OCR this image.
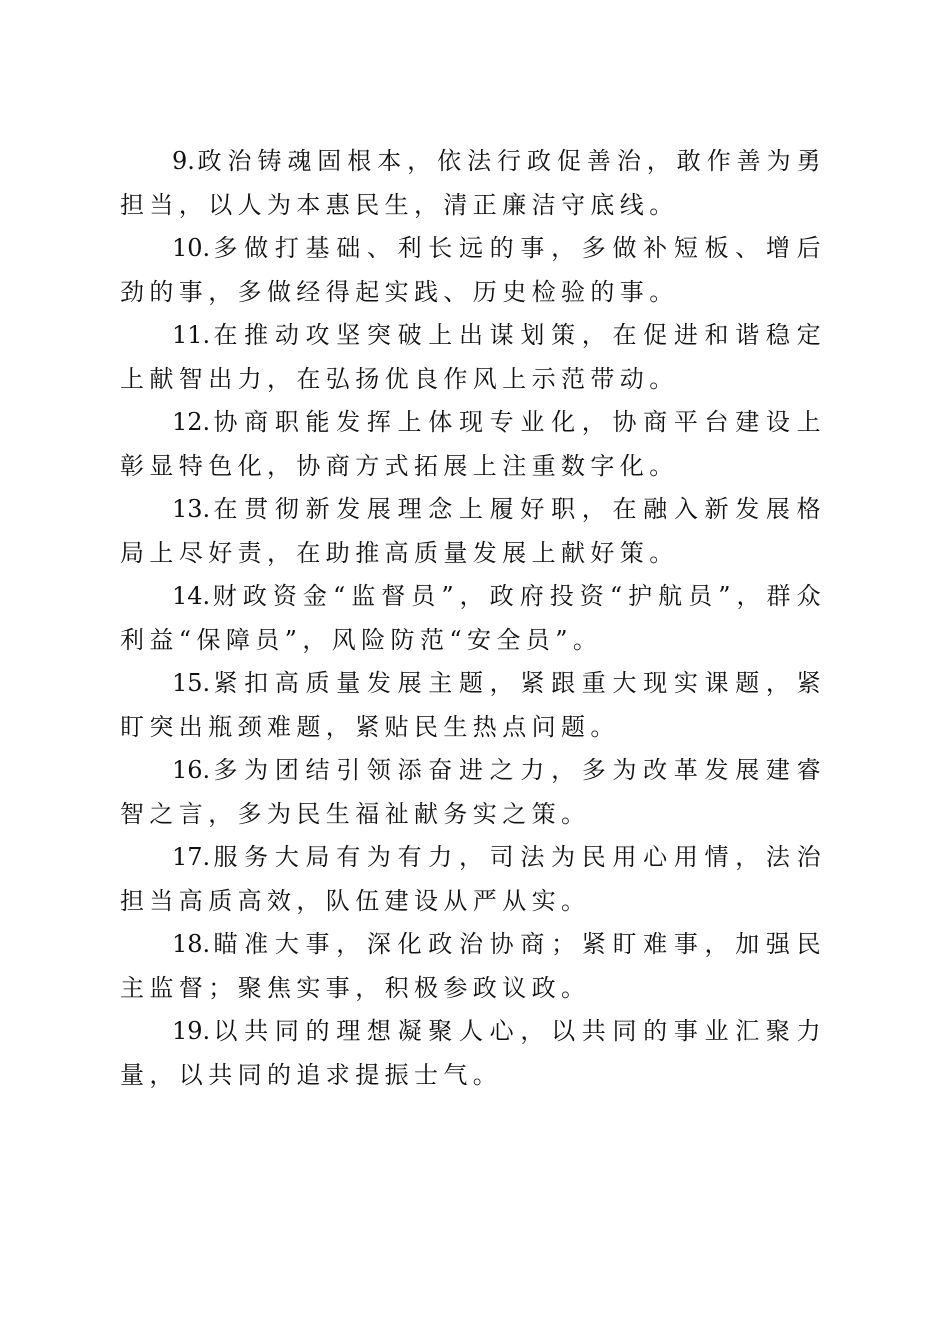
9.政治铸魂固根本，依法行政促善治，敢作善为勇担当，以人为本惠民生，清正廉洁守底线。

10.多做打基础、利长远的事，多做补短板、增后劲的事，多做经得起实践、历史检验的事。

11.在推动攻坚突破上出谋划策，在促进和谐稳定上献智出力，在弘扬优良作风上示范带动。

12.协商职能发挥上体现专业化，协商平台建设上彰显特色化，协商方式拓展上注重数字化。

13.在贯彻新发展理念上履好职，在融入新发展格局上尽好责，在助推高质量发展上献好策。

14.财政资金“监督员”，政府投资“护航员”，群众利益“保障员”，风险防范“安全员”。

15.紧扣高质量发展主题，紧跟重大现实课题，紧盯突出瓶颈难题，紧贴民生热点问题。

16.多为团结引领添奋进之力，多为改革发展建睿智之言，多为民生福祉献务实之策。

17.服务大局有为有力，司法为民用心用情，法治担当高质高效，队伍建设从严从实。

18.瞄准大事，深化政治协商；紧盯难事，加强民主监督；聚焦实事，积极参政议政。

19.以共同的理想凝聚人心，以共同的事业汇聚力量，以共同的追求提振士气。
